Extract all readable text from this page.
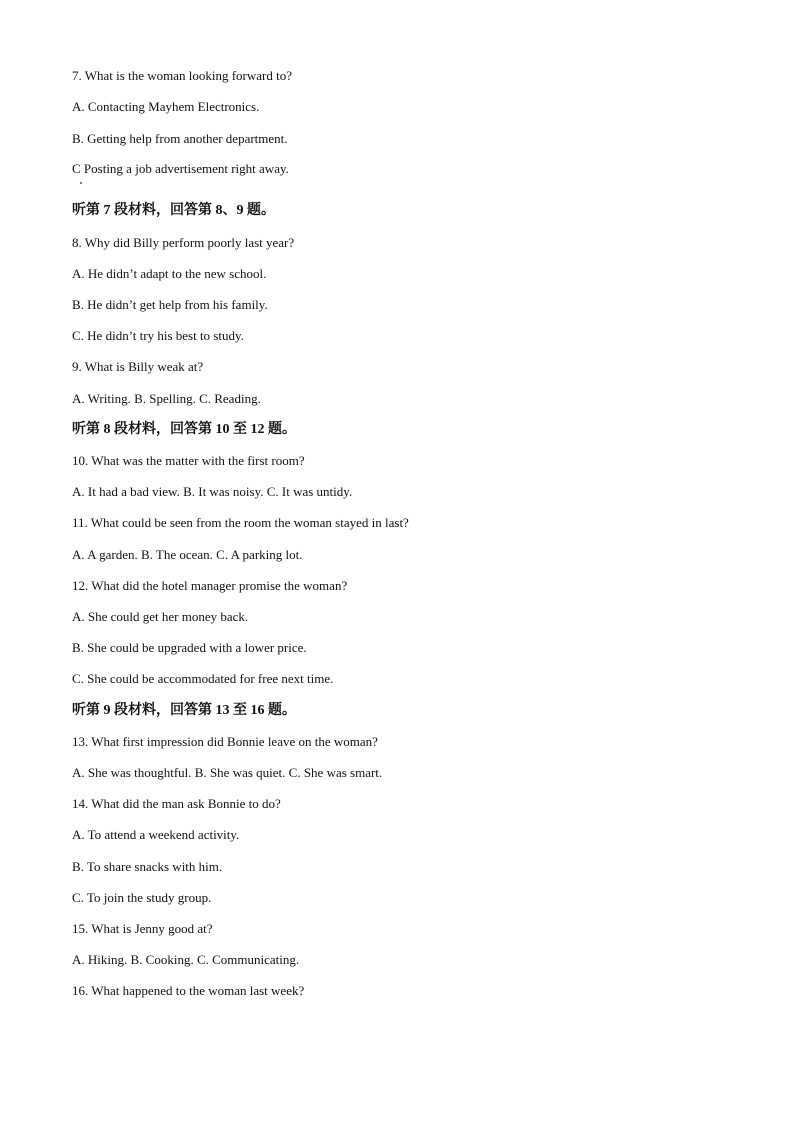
7. What is the woman looking forward to?
A. Contacting Mayhem Electronics.
B. Getting help from another department.
C Posting a job advertisement right away.
听第 7 段材料，回答第 8、9 题。
8. Why did Billy perform poorly last year?
A. He didn’t adapt to the new school.
B. He didn’t get help from his family.
C. He didn’t try his best to study.
9. What is Billy weak at?
A. Writing. B. Spelling. C. Reading.
听第 8 段材料，回答第 10 至 12 题。
10. What was the matter with the first room?
A. It had a bad view. B. It was noisy. C. It was untidy.
11. What could be seen from the room the woman stayed in last?
A. A garden. B. The ocean. C. A parking lot.
12. What did the hotel manager promise the woman?
A. She could get her money back.
B. She could be upgraded with a lower price.
C. She could be accommodated for free next time.
听第 9 段材料，回答第 13 至 16 题。
13. What first impression did Bonnie leave on the woman?
A. She was thoughtful. B. She was quiet. C. She was smart.
14. What did the man ask Bonnie to do?
A. To attend a weekend activity.
B. To share snacks with him.
C. To join the study group.
15. What is Jenny good at?
A. Hiking. B. Cooking. C. Communicating.
16. What happened to the woman last week?
